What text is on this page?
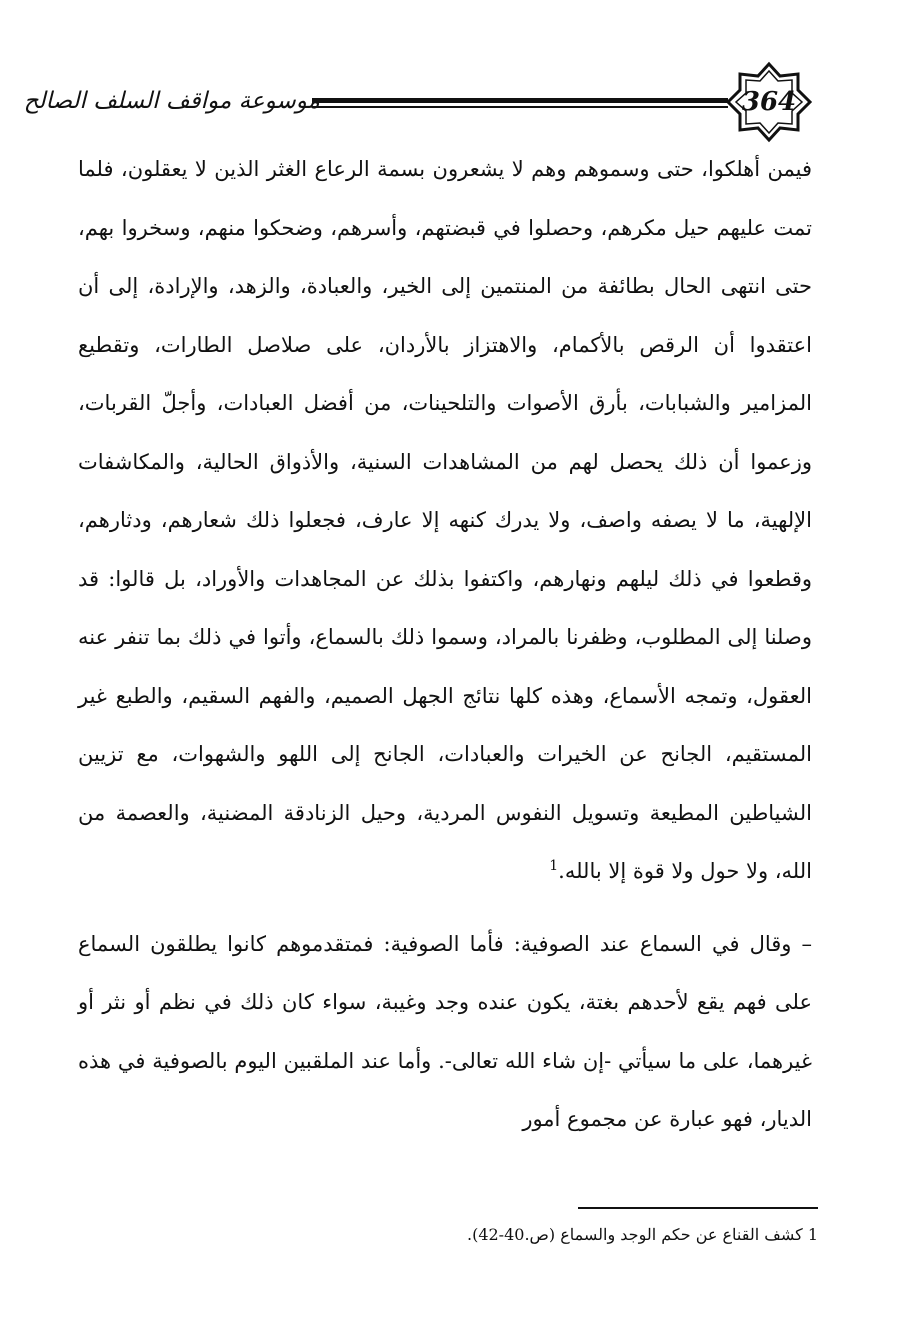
364
موسوعة مواقف السلف الصالح

فيمن أهلكوا، حتى وسموهم وهم لا يشعرون بسمة الرعاع الغثر الذين لا يعقلون، فلما تمت عليهم حيل مكرهم، وحصلوا في قبضتهم، وأسرهم، وضحكوا منهم، وسخروا بهم، حتى انتهى الحال بطائفة من المنتمين إلى الخير، والعبادة، والزهد، والإرادة، إلى أن اعتقدوا أن الرقص بالأكمام، والاهتزاز بالأردان، على صلاصل الطارات، وتقطيع المزامير والشبابات، بأرق الأصوات والتلحينات، من أفضل العبادات، وأجلّ القربات، وزعموا أن ذلك يحصل لهم من المشاهدات السنية، والأذواق الحالية، والمكاشفات الإلهية، ما لا يصفه واصف، ولا يدرك كنهه إلا عارف، فجعلوا ذلك شعارهم، ودثارهم، وقطعوا في ذلك ليلهم ونهارهم، واكتفوا بذلك عن المجاهدات والأوراد، بل قالوا: قد وصلنا إلى المطلوب، وظفرنا بالمراد، وسموا ذلك بالسماع، وأتوا في ذلك بما تنفر عنه العقول، وتمجه الأسماع، وهذه كلها نتائج الجهل الصميم، والفهم السقيم، والطبع غير المستقيم، الجانح عن الخيرات والعبادات، الجانح إلى اللهو والشهوات، مع تزيين الشياطين المطيعة وتسويل النفوس المردية، وحيل الزنادقة المضنية، والعصمة من الله، ولا حول ولا قوة إلا بالله.$^1$

– وقال في السماع عند الصوفية: فأما الصوفية: فمتقدموهم كانوا يطلقون السماع على فهم يقع لأحدهم بغتة، يكون عنده وجد وغيبة، سواء كان ذلك في نظم أو نثر أو غيرهما، على ما سيأتي -إن شاء الله تعالى-. وأما عند الملقبين اليوم بالصوفية في هذه الديار، فهو عبارة عن مجموع أمور

1 كشف القناع عن حكم الوجد والسماع (ص.40-42).
